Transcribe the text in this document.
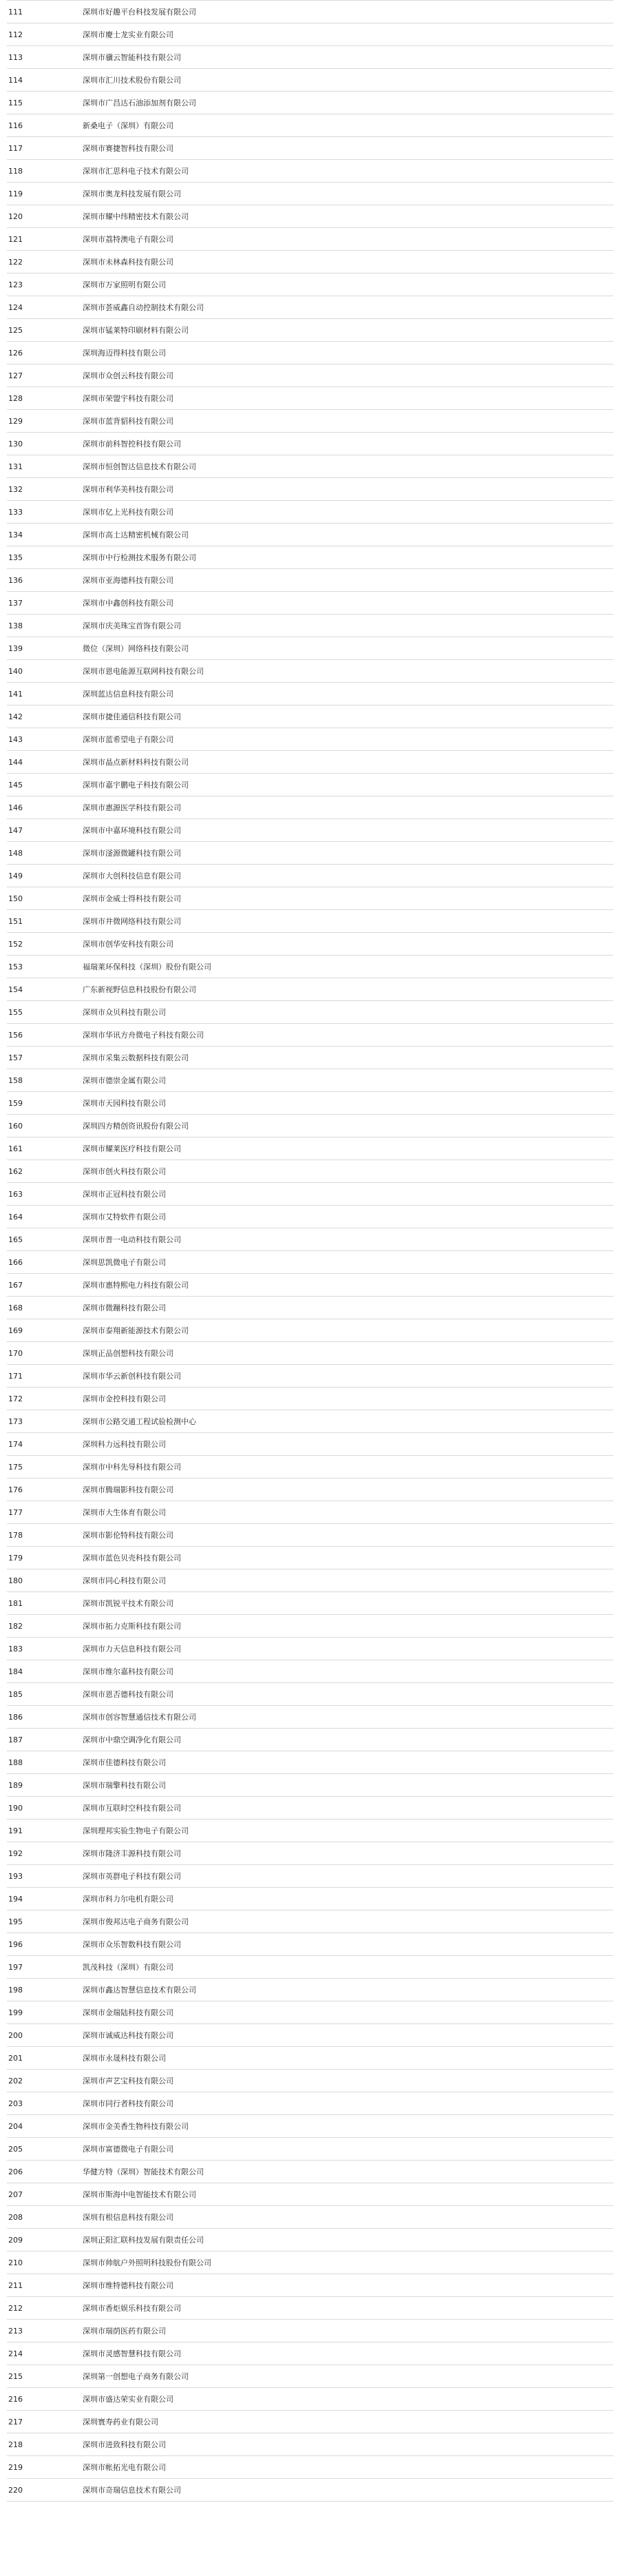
111	深圳市好趣平台科技发展有限公司
112	深圳市慶士龙实业有限公司
113	深圳市骥云智能科技有限公司
114	深圳市汇川技术股份有限公司
115	深圳市广昌达石油添加剂有限公司
116	新桑电子（深圳）有限公司
117	深圳市赛捷智科技有限公司
118	深圳市汇思科电子技术有限公司
119	深圳市奥龙科技发展有限公司
120	深圳市耀中纬精密技术有限公司
121	深圳市荔特澳电子有限公司
122	深圳市未林森科技有限公司
123	深圳市万家照明有限公司
124	深圳市荟威鑫自动控制技术有限公司
125	深圳市锰莱特印刷材料有限公司
126	深圳海迈得科技有限公司
127	深圳市众创云科技有限公司
128	深圳市荣盟宇科技有限公司
129	深圳市蓝背貂科技有限公司
130	深圳市前科智控科技有限公司
131	深圳市恒创智达信息技术有限公司
132	深圳市利华美科技有限公司
133	深圳市亿上光科技有限公司
134	深圳市高士达精密机械有限公司
135	深圳市中行检测技术服务有限公司
136	深圳市亚海德科技有限公司
137	深圳市中鑫创科技有限公司
138	深圳市庆美珠宝首饰有限公司
139	微位（深圳）网络科技有限公司
140	深圳市恩电能源互联网科技有限公司
141	深圳蓝达信息科技有限公司
142	深圳市捷佳通信科技有限公司
143	深圳市蓝希望电子有限公司
144	深圳市晶点新材料科技有限公司
145	深圳市嘉宇鹏电子科技有限公司
146	深圳市惠源医学科技有限公司
147	深圳市中嘉环境科技有限公司
148	深圳市滏源微罐科技有限公司
149	深圳市大创科技信息有限公司
150	深圳市金威士得科技有限公司
151	深圳市井微网络科技有限公司
152	深圳市创华安科技有限公司
153	福瑞莱环保科技（深圳）股份有限公司
154	广东新视野信息科技股份有限公司
155	深圳市众贝科技有限公司
156	深圳市华讯方舟微电子科技有限公司
157	深圳市采集云数据科技有限公司
158	深圳市德崇金属有限公司
159	深圳市天园科技有限公司
160	深圳四方精创资讯股份有限公司
161	深圳市耀莱医疗科技有限公司
162	深圳市创火科技有限公司
163	深圳市正冠科技有限公司
164	深圳市艾特软件有限公司
165	深圳市普一电动科技有限公司
166	深圳思凯微电子有限公司
167	深圳市惠特熙电力科技有限公司
168	深圳市微蹦科技有限公司
169	深圳市泰翔新能源技术有限公司
170	深圳正品创想科技有限公司
171	深圳市华云新创科技有限公司
172	深圳市金控科技有限公司
173	深圳市公路交通工程试验检测中心
174	深圳科力远科技有限公司
175	深圳市中科先导科技有限公司
176	深圳市腾瑞影科技有限公司
177	深圳市大生体育有限公司
178	深圳市影伦特科技有限公司
179	深圳市蓝色贝壳科技有限公司
180	深圳市同心科技有限公司
181	深圳市凯锐平技术有限公司
182	深圳市拓力克斯科技有限公司
183	深圳市力天信息科技有限公司
184	深圳市维尔嘉科技有限公司
185	深圳市恩否德科技有限公司
186	深圳市创容智慧通信技术有限公司
187	深圳市中鼎空调净化有限公司
188	深圳市佳德科技有限公司
189	深圳市瑞擎科技有限公司
190	深圳市互联时空科技有限公司
191	深圳理邦实验生物电子有限公司
192	深圳市隆济丰源科技有限公司
193	深圳市英群电子科技有限公司
194	深圳市科力尔电机有限公司
195	深圳市俊邦达电子商务有限公司
196	深圳市众乐智数科技有限公司
197	凯茂科技（深圳）有限公司
198	深圳市鑫达智慧信息技术有限公司
199	深圳市金瑞陆科技有限公司
200	深圳市诚威达科技有限公司
201	深圳市永晟科技有限公司
202	深圳市声艺宝科技有限公司
203	深圳市同行者科技有限公司
204	深圳市金美香生物科技有限公司
205	深圳市富德微电子有限公司
206	华健方特（深圳）智能技术有限公司
207	深圳市斯海中电智能技术有限公司
208	深圳有根信息科技有限公司
209	深圳正阳汇联科技发展有限责任公司
210	深圳市帅航户外照明科技股份有限公司
211	深圳市维特德科技有限公司
212	深圳市香炬娱乐科技有限公司
213	深圳市瑞荫医药有限公司
214	深圳市灵感智慧科技有限公司
215	深圳第一创想电子商务有限公司
216	深圳市盛达荣实业有限公司
217	深圳寰寿药业有限公司
218	深圳市进致科技有限公司
219	深圳市帐拓光电有限公司
220	深圳市奇瑞信息技术有限公司
